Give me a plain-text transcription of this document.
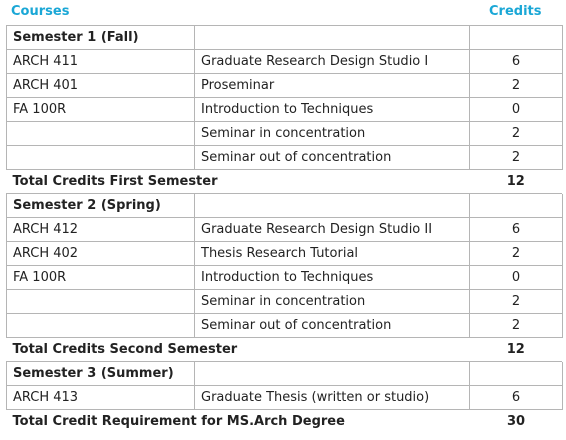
Courses	Credits
Semester 1 (Fall)		
ARCH 411	Graduate Research Design Studio I	6
ARCH 401	Proseminar	2
FA 100R	Introduction to Techniques	0
	Seminar in concentration	2
	Seminar out of concentration	2
Total Credits First Semester		12
Semester 2 (Spring)		
ARCH 412	Graduate Research Design Studio II	6
ARCH 402	Thesis Research Tutorial	2
FA 100R	Introduction to Techniques	0
	Seminar in concentration	2
	Seminar out of concentration	2
Total Credits Second Semester		12
Semester 3 (Summer)		
ARCH 413	Graduate Thesis (written or studio)	6
Total Credit Requirement for MS.Arch Degree		30
